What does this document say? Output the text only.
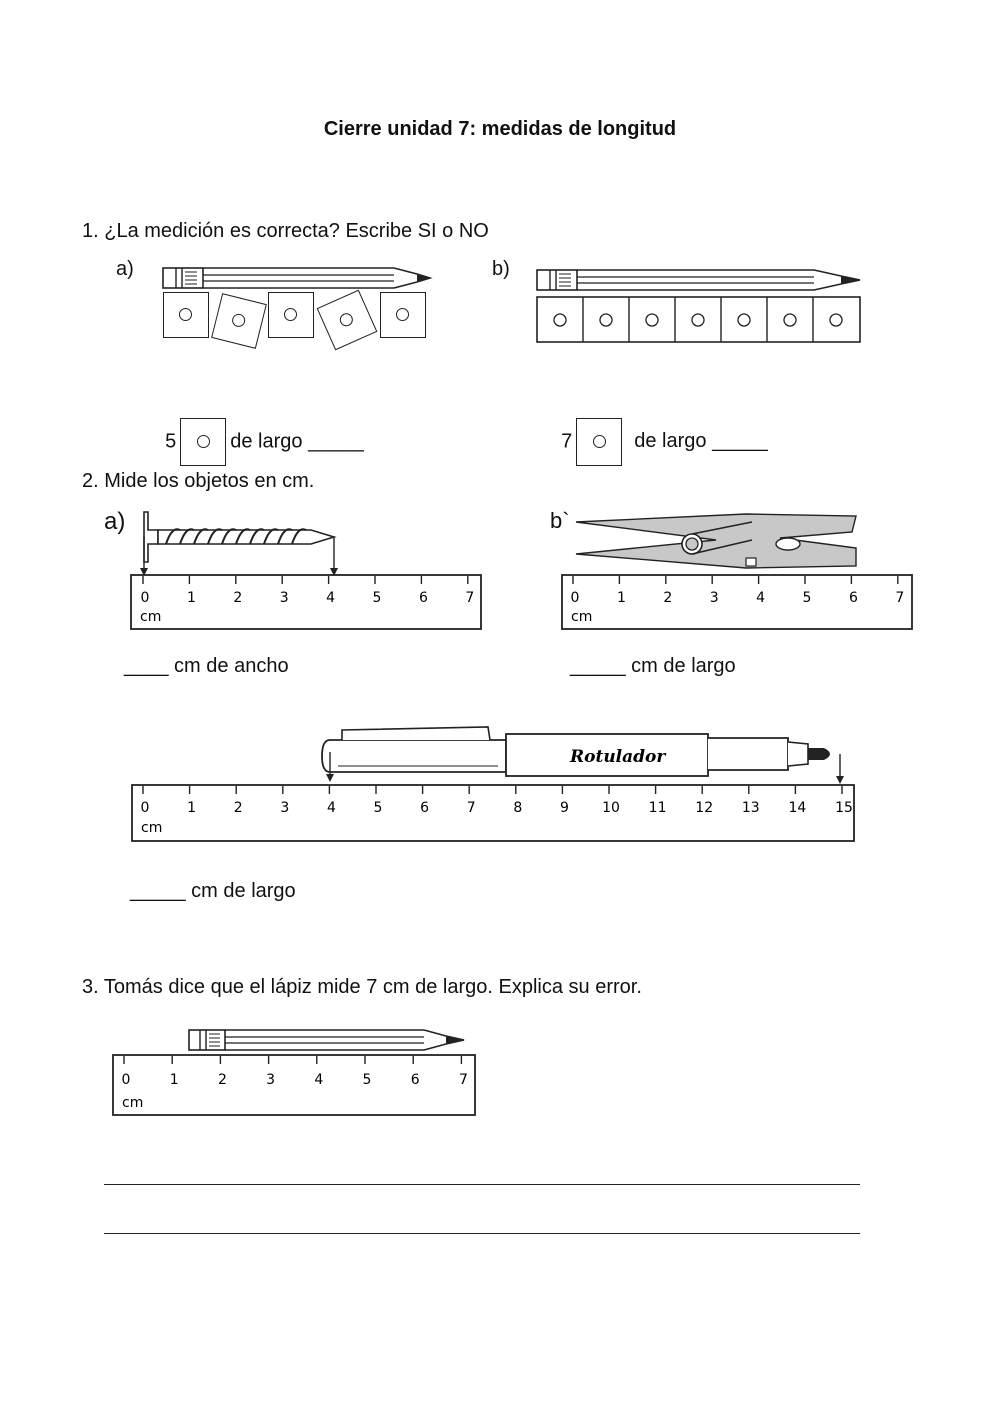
Cierre unidad 7: medidas de longitud
1. ¿La medición es correcta? Escribe SI o NO
a)	b)

5	de largo _____	7	de largo _____

2. Mide los objetos en cm.
a)	b`
0	1	2	3	4	5	6	7
cm
0	1	2	3	4	5	6	7
cm
____ cm de ancho	_____ cm de largo
Rotulador
0	1	2	3	4	5	6	7	8	9 10 11 12 13 14 15
cm
_____ cm de largo
3. Tomás dice que el lápiz mide 7 cm de largo. Explica su error.
0	1	2	3	4	5	6	7
cm
